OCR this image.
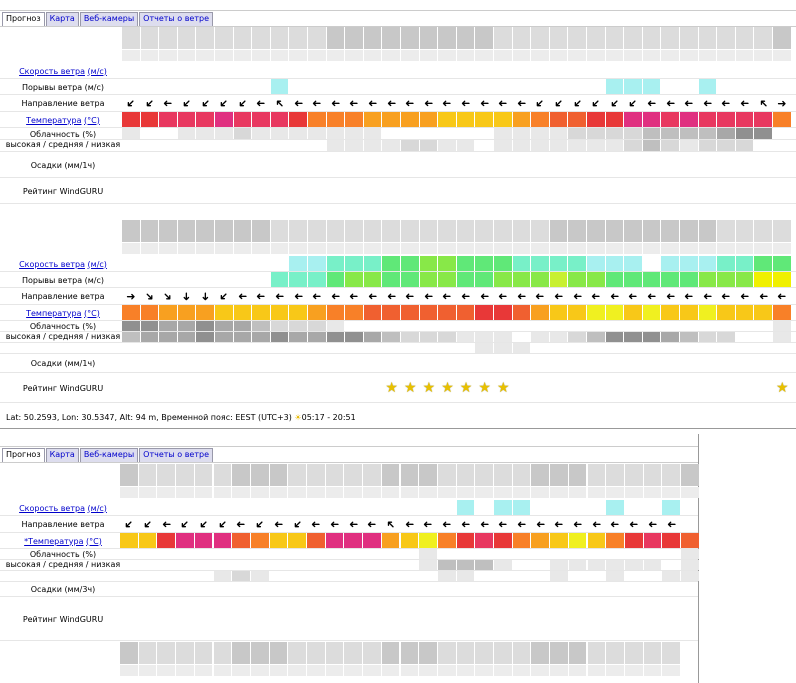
Прогноз	Карта	Веб-камеры	Отчеты о ветре
Скорость ветра (м/с)
Порывы ветра (м/с)
Направление ветра	➜ ➜ ➜ ➜ ➜ ➜ ➜ ➜ ➜ ➜ ➜ ➜ ➜ ➜ ➜ ➜ ➜ ➜ ➜ ➜ ➜ ➜ ➜ ➜ ➜ ➜ ➜ ➜ ➜ ➜ ➜ ➜ ➜ ➜ ➜ ➜
Температура (°C)
Облачность (%)
высокая / средняя / низкая
Осадки (мм/1ч)
Рейтинг WindGURU
Скорость ветра (м/с)
Порывы ветра (м/с)
Направление ветра	➜ ➜ ➜ ➜ ➜ ➜ ➜ ➜ ➜ ➜ ➜ ➜ ➜ ➜ ➜ ➜ ➜ ➜ ➜ ➜ ➜ ➜ ➜ ➜ ➜ ➜ ➜ ➜ ➜ ➜ ➜ ➜ ➜ ➜ ➜ ➜
Температура (°C)
Облачность (%)
высокая / средняя / низкая
Осадки (мм/1ч)
Рейтинг WindGURU	★ ★ ★ ★ ★ ★ ★	★
Lat: 50.2593, Lon: 30.5347, Alt: 94 m, Временной пояс: EEST (UTC+3) ☀05:17 - 20:51
Прогноз	Карта	Веб-камеры	Отчеты о ветре
Скорость ветра (м/с)
Направление ветра	➜ ➜ ➜ ➜ ➜ ➜ ➜ ➜ ➜ ➜ ➜ ➜ ➜ ➜ ➜ ➜ ➜ ➜ ➜ ➜ ➜ ➜ ➜ ➜ ➜ ➜ ➜ ➜ ➜ ➜
*Температура (°C)
Облачность (%)
высокая / средняя / низкая
Осадки (мм/3ч)
Рейтинг WindGURU
